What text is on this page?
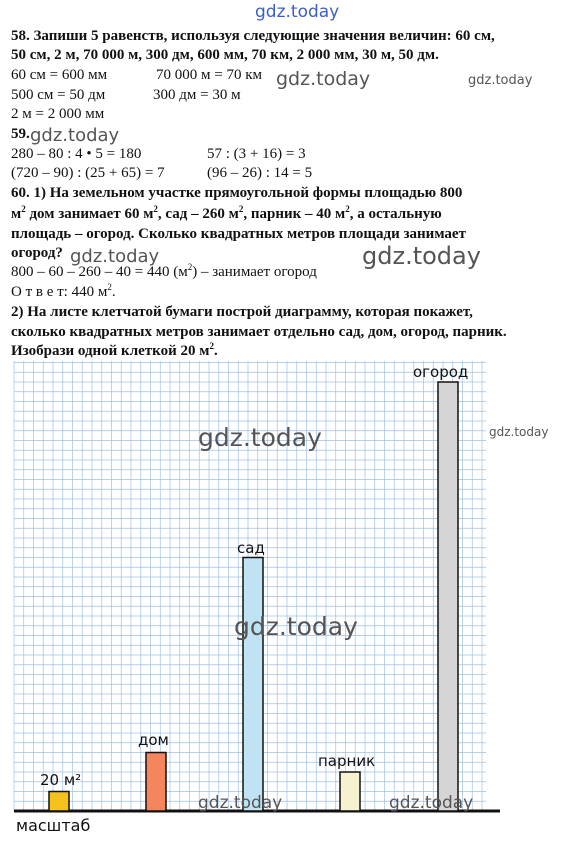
gdz.today
58. Запиши 5 равенств, используя следующие значения величин: 60 см,
50 см, 2 м, 70 000 м, 300 дм, 600 мм, 70 км, 2 000 мм, 30 м, 50 дм.
60 см = 600 мм	70 000 м = 70 км
500 см = 50 дм	300 дм = 30 м
2 м = 2 000 мм
gdz.today	gdz.today
59. gdz.today
280 – 80 : 4 • 5 = 180	57 : (3 + 16) = 3
(720 – 90) : (25 + 65) = 7	(96 – 26) : 14 = 5
60. 1) На земельном участке прямоугольной формы площадью 800
$м^2$ дом занимает 60 $м^2$, сад – 260 $м^2$, парник – 40 $м^2$, а остальную
площадь – огород. Сколько квадратных метров площади занимает
огород? gdz.today	gdz.today
800 – 60 – 260 – 40 = 440 $(м^2)$ – занимает огород
О т в е т: 440 $м^2$.
2) На листе клетчатой бумаги построй диаграмму, которая покажет,
сколько квадратных метров занимает отдельно сад, дом, огород, парник.
Изобрази одной клеткой 20 $м^2$.
gdz.today	gdz.today
gdz.today
gdz.today	gdz.today
масштаб
20 м²
дом
сад
парник
огород
